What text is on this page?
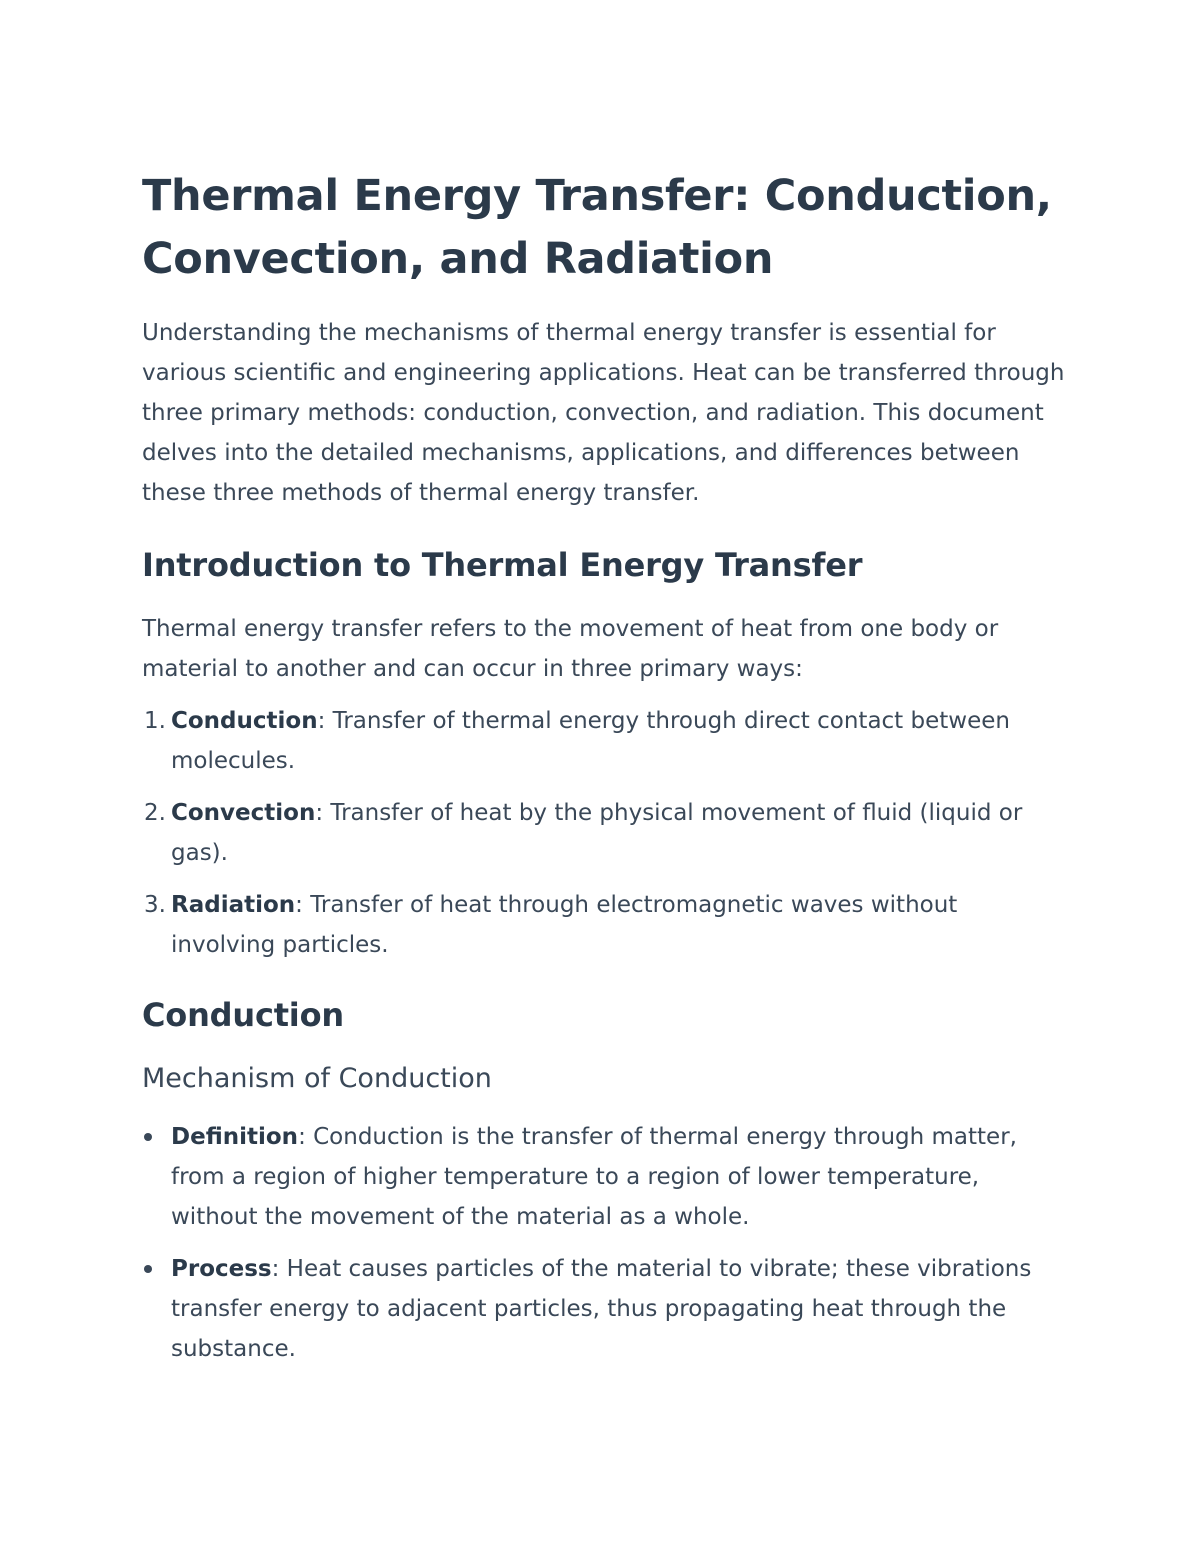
Thermal Energy Transfer: Conduction, Convection, and Radiation

Understanding the mechanisms of thermal energy transfer is essential for various scientific and engineering applications. Heat can be transferred through three primary methods: conduction, convection, and radiation. This document delves into the detailed mechanisms, applications, and differences between these three methods of thermal energy transfer.

Introduction to Thermal Energy Transfer

Thermal energy transfer refers to the movement of heat from one body or material to another and can occur in three primary ways:

1. Conduction: Transfer of thermal energy through direct contact between molecules.
2. Convection: Transfer of heat by the physical movement of fluid (liquid or gas).
3. Radiation: Transfer of heat through electromagnetic waves without involving particles.
Conduction
Mechanism of Conduction
Definition: Conduction is the transfer of thermal energy through matter, from a region of higher temperature to a region of lower temperature, without the movement of the material as a whole.
Process: Heat causes particles of the material to vibrate; these vibrations transfer energy to adjacent particles, thus propagating heat through the substance.
